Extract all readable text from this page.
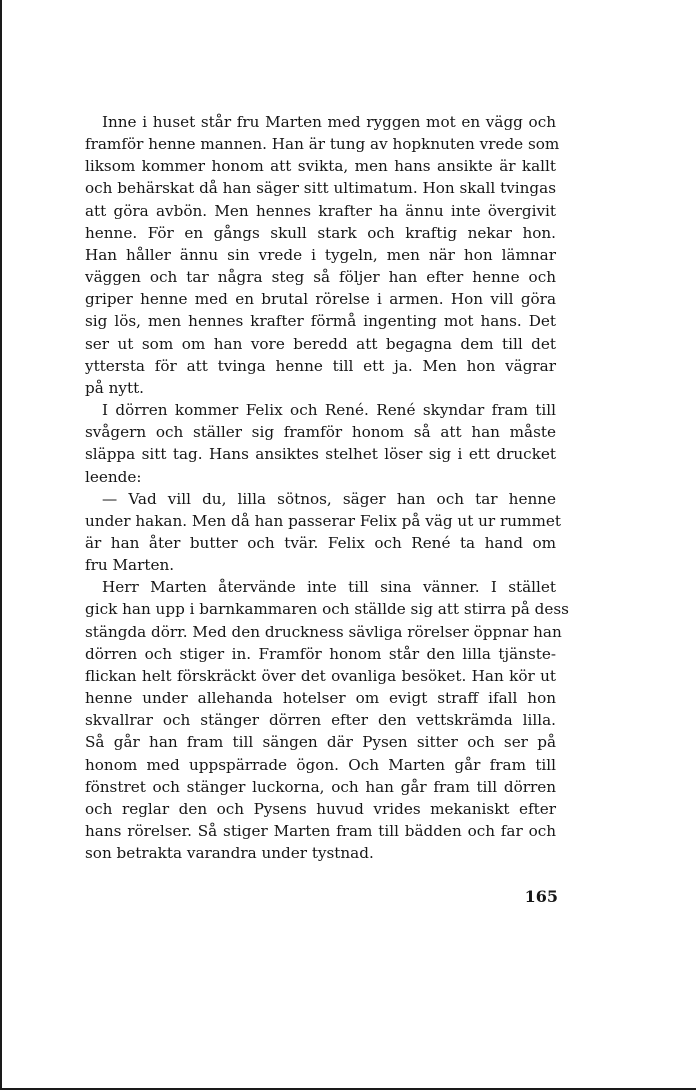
Inne i huset står fru Marten med ryggen mot en vägg och
framför henne mannen. Han är tung av hopknuten vrede som
liksom kommer honom att svikta, men hans ansikte är kallt
och behärskat då han säger sitt ultimatum. Hon skall tvingas
att göra avbön. Men hennes krafter ha ännu inte övergivit
henne. För en gångs skull stark och kraftig nekar hon.
Han håller ännu sin vrede i tygeln, men när hon lämnar
väggen och tar några steg så följer han efter henne och
griper henne med en brutal rörelse i armen. Hon vill göra
sig lös, men hennes krafter förmå ingenting mot hans. Det
ser ut som om han vore beredd att begagna dem till det
yttersta för att tvinga henne till ett ja. Men hon vägrar
på nytt.
I dörren kommer Felix och René. René skyndar fram till
svågern och ställer sig framför honom så att han måste
släppa sitt tag. Hans ansiktes stelhet löser sig i ett drucket
leende:
— Vad vill du, lilla sötnos, säger han och tar henne
under hakan. Men då han passerar Felix på väg ut ur rummet
är han åter butter och tvär. Felix och René ta hand om
fru Marten.
Herr Marten återvände inte till sina vänner. I stället
gick han upp i barnkammaren och ställde sig att stirra på dess
stängda dörr. Med den druckness sävliga rörelser öppnar han
dörren och stiger in. Framför honom står den lilla tjänste-
flickan helt förskräckt över det ovanliga besöket. Han kör ut
henne under allehanda hotelser om evigt straff ifall hon
skvallrar och stänger dörren efter den vettskrämda lilla.
Så går han fram till sängen där Pysen sitter och ser på
honom med uppspärrade ögon. Och Marten går fram till
fönstret och stänger luckorna, och han går fram till dörren
och reglar den och Pysens huvud vrides mekaniskt efter
hans rörelser. Så stiger Marten fram till bädden och far och
son betrakta varandra under tystnad.
165
